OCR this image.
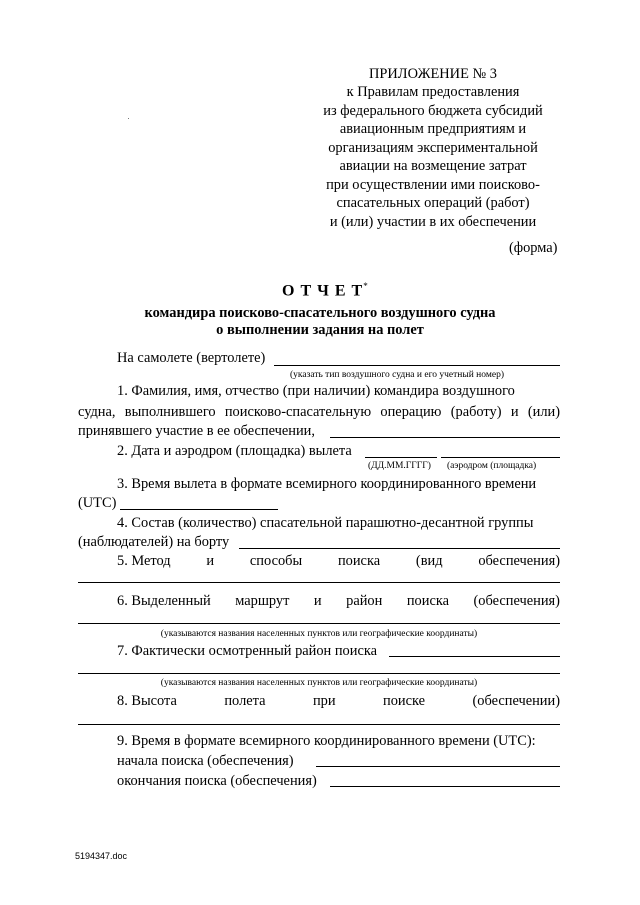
ПРИЛОЖЕНИЕ № 3
к Правилам предоставления
из федерального бюджета субсидий
авиационным предприятиям и
организациям экспериментальной
авиации на возмещение затрат
при осуществлении ими поисково-
спасательных операций (работ)
и (или) участии в их обеспечении
(форма)
О Т Ч Е Т*
командира поисково-спасательного воздушного судна
о выполнении задания на полет
На самолете (вертолете)
(указать тип воздушного судна и его учетный номер)
1. Фамилия, имя, отчество (при наличии) командира воздушного
судна, выполнившего поисково-спасательную операцию (работу) и (или)
принявшего участие в ее обеспечении,
2. Дата и аэродром (площадка) вылета
(ДД.ММ.ГГГГ) (аэродром (площадка)
3. Время вылета в формате всемирного координированного времени
(UTC)
4. Состав (количество) спасательной парашютно-десантной группы
(наблюдателей) на борту
5. Метод и способы поиска (вид обеспечения)
6. Выделенный маршрут и район поиска (обеспечения)
(указываются названия населенных пунктов или географические координаты)
7. Фактически осмотренный район поиска
(указываются названия населенных пунктов или географические координаты)
8. Высота	полета	при	поиске	(обеспечении)
9. Время в формате всемирного координированного времени (UTC):
начала поиска (обеспечения)
окончания поиска (обеспечения)
5194347.doc
